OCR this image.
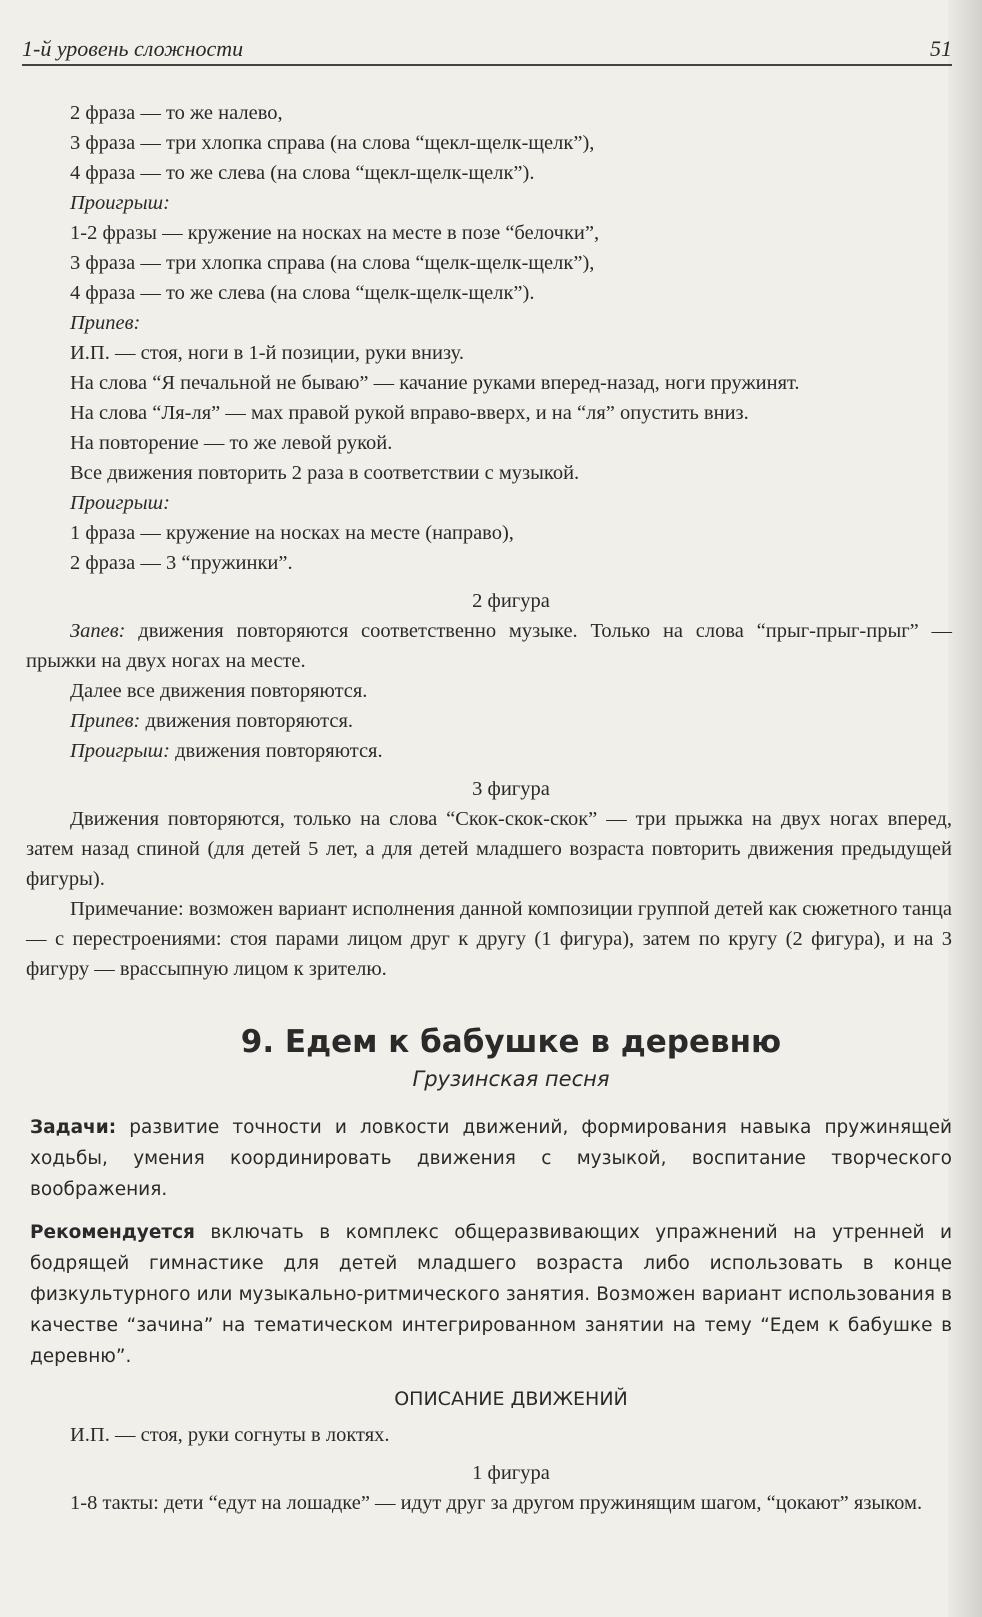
1-й уровень сложности	51

2 фраза — то же налево,

3 фраза — три хлопка справа (на слова “щекл-щелк-щелк”),

4 фраза — то же слева (на слова “щекл-щелк-щелк”).

Проигрыш:

1-2 фразы — кружение на носках на месте в позе “белочки”,

3 фраза — три хлопка справа (на слова “щелк-щелк-щелк”),

4 фраза — то же слева (на слова “щелк-щелк-щелк”).

Припев:

И.П. — стоя, ноги в 1-й позиции, руки внизу.

На слова “Я печальной не бываю” — качание руками вперед-назад, ноги пружинят.

На слова “Ля-ля” — мах правой рукой вправо-вверх, и на “ля” опустить вниз.

На повторение — то же левой рукой.

Все движения повторить 2 раза в соответствии с музыкой.

Проигрыш:

1 фраза — кружение на носках на месте (направо),

2 фраза — 3 “пружинки”.

2 фигура

Запев: движения повторяются соответственно музыке. Только на слова “прыг-прыг-прыг” — прыжки на двух ногах на месте.

Далее все движения повторяются.

Припев: движения повторяются.

Проигрыш: движения повторяются.

3 фигура

Движения повторяются, только на слова “Скок-скок-скок” — три прыжка на двух ногах вперед, затем назад спиной (для детей 5 лет, а для детей младшего возраста повторить движения предыдущей фигуры).

Примечание: возможен вариант исполнения данной композиции группой детей как сюжетного танца — с перестроениями: стоя парами лицом друг к другу (1 фигура), затем по кругу (2 фигура), и на 3 фигуру — врассыпную лицом к зрителю.

9. Едем к бабушке в деревню
Грузинская песня

Задачи: развитие точности и ловкости движений, формирования навыка пружинящей ходьбы, умения координировать движения с музыкой, воспитание творческого воображения.

Рекомендуется включать в комплекс общеразвивающих упражнений на утренней и бодрящей гимнастике для детей младшего возраста либо использовать в конце физкультурного или музыкально-ритмического занятия. Возможен вариант использования в качестве “зачина” на тематическом интегрированном занятии на тему “Едем к бабушке в деревню”.

ОПИСАНИЕ ДВИЖЕНИЙ

И.П. — стоя, руки согнуты в локтях.

1 фигура

1-8 такты: дети “едут на лошадке” — идут друг за другом пружинящим шагом, “цокают” языком.
